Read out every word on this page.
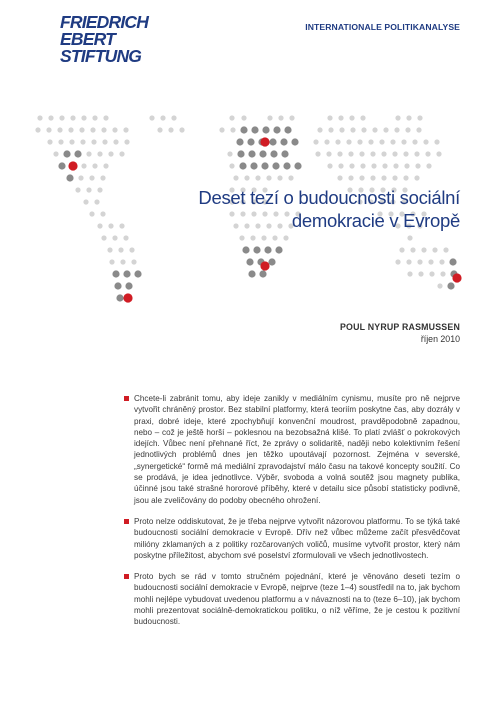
FRIEDRICH
EBERT
STIFTUNG
INTERNATIONALE POLITIKANALYSE
Deset tezí o budoucnosti sociální
demokracie v Evropě
POUL NYRUP RASMUSSEN
říjen 2010
Chcete-li zabránit tomu, aby ideje zanikly v mediálním cynismu, musíte pro ně nejprve vytvořit chráněný prostor. Bez stabilní platformy, která teoriím poskytne čas, aby dozrály v praxi, dobré ideje, které zpochybňují konvenční moudrost, pravděpodobně zapadnou, nebo – což je ještě horší – poklesnou na bezobsažná klišé. To platí zvlášť o pokrokových idejích. Vůbec není přehnané říct, že zprávy o solidaritě, naději nebo kolektivním řešení jednotlivých problémů dnes jen těžko upoutávají pozornost. Zejména v severské, „synergetické“ formě má mediální zpravodajství málo času na takové koncepty soužití. Co se prodává, je idea jednotlivce. Výběr, svoboda a volná soutěž jsou magnety publika, účinné jsou také strašné hororové příběhy, které v detailu sice působí statisticky podivně, jsou ale zveličovány do podoby obecného ohrožení.
Proto nelze oddiskutovat, že je třeba nejprve vytvořit názorovou platformu. To se týká také budoucnosti sociální demokracie v Evropě. Dřív než vůbec můžeme začít přesvědčovat milióny zklamaných a z politiky rozčarovaných voličů, musíme vytvořit prostor, který nám poskytne příležitost, abychom své poselství zformulovali ve všech jednotlivostech.
Proto bych se rád v tomto stručném pojednání, které je věnováno deseti tezím o budoucnosti sociální demokracie v Evropě, nejprve (teze 1–4) soustředil na to, jak bychom mohli nejlépe vybudovat uvedenou platformu a v návaznosti na to (teze 6–10), jak bychom mohli prezentovat sociálně-demokratickou politiku, o níž věříme, že je cestou k pozitivní budoucnosti.
